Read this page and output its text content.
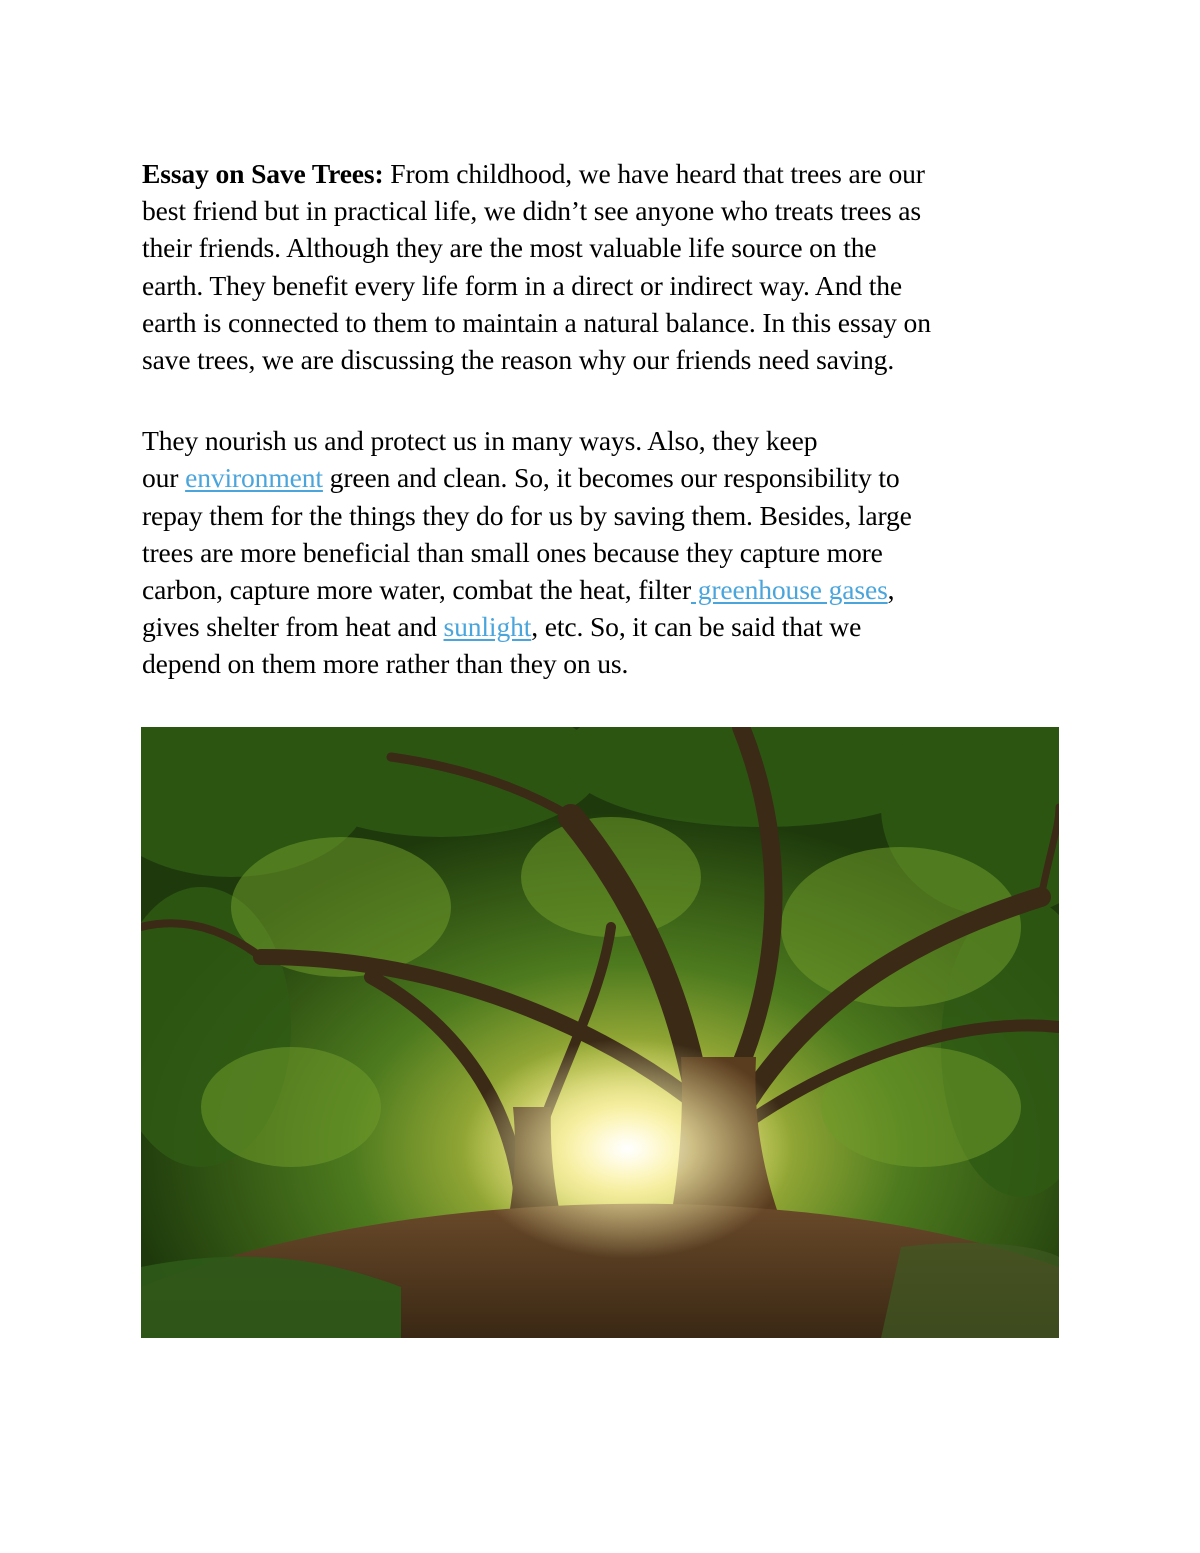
Essay on Save Trees: From childhood, we have heard that trees are our
best friend but in practical life, we didn’t see anyone who treats trees as
their friends. Although they are the most valuable life source on the
earth. They benefit every life form in a direct or indirect way. And the
earth is connected to them to maintain a natural balance. In this essay on
save trees, we are discussing the reason why our friends need saving.
They nourish us and protect us in many ways. Also, they keep
our environment green and clean. So, it becomes our responsibility to
repay them for the things they do for us by saving them. Besides, large
trees are more beneficial than small ones because they capture more
carbon, capture more water, combat the heat, filter greenhouse gases,
gives shelter from heat and sunlight, etc. So, it can be said that we
depend on them more rather than they on us.
